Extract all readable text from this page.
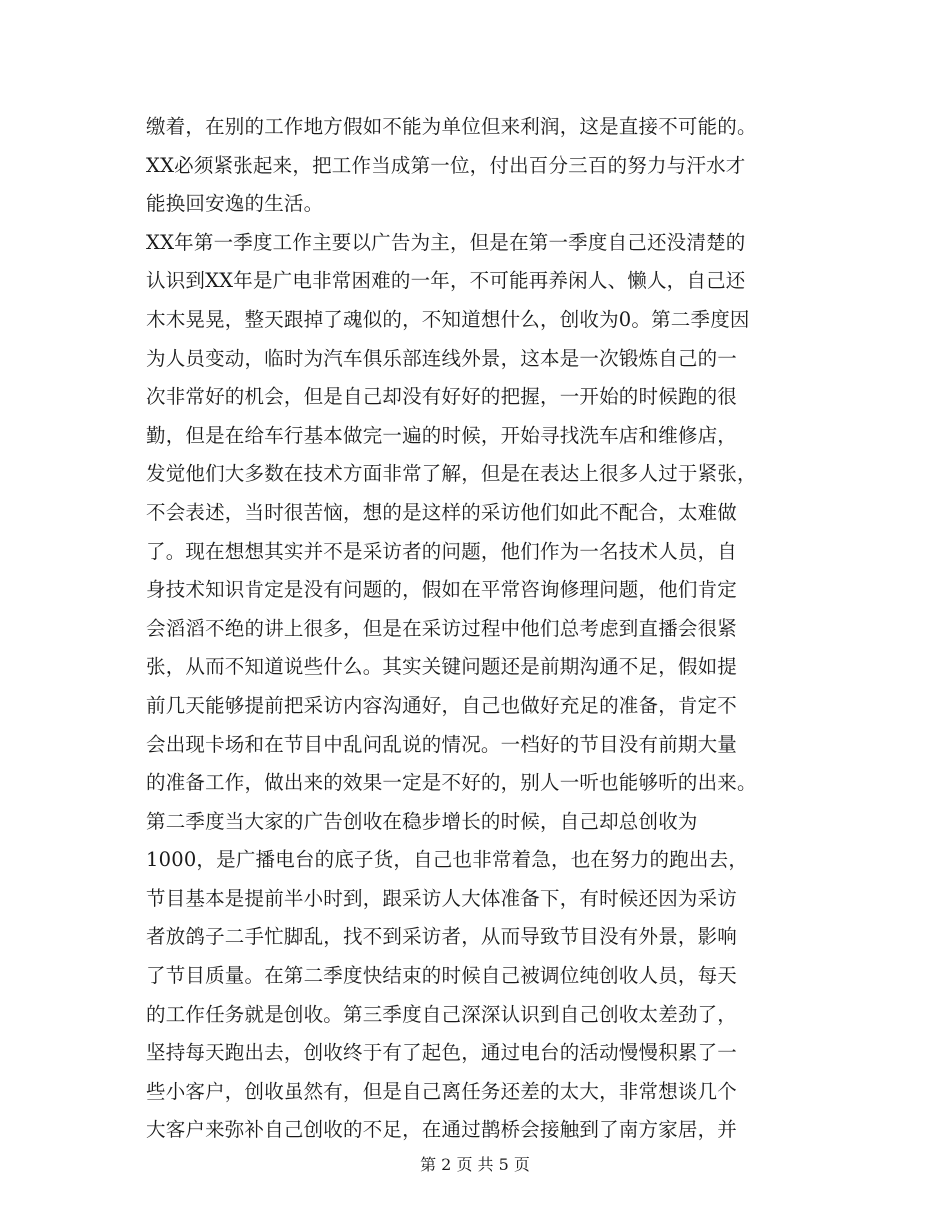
缴着，在别的工作地方假如不能为单位但来利润，这是直接不可能的。
XX必须紧张起来，把工作当成第一位，付出百分三百的努力与汗水才
能换回安逸的生活。
XX年第一季度工作主要以广告为主，但是在第一季度自己还没清楚的
认识到XX年是广电非常困难的一年，不可能再养闲人、懒人，自己还
木木晃晃，整天跟掉了魂似的，不知道想什么，创收为0。第二季度因
为人员变动，临时为汽车俱乐部连线外景，这本是一次锻炼自己的一
次非常好的机会，但是自己却没有好好的把握，一开始的时候跑的很
勤，但是在给车行基本做完一遍的时候，开始寻找洗车店和维修店，
发觉他们大多数在技术方面非常了解，但是在表达上很多人过于紧张，
不会表述，当时很苦恼，想的是这样的采访他们如此不配合，太难做
了。现在想想其实并不是采访者的问题，他们作为一名技术人员，自
身技术知识肯定是没有问题的，假如在平常咨询修理问题，他们肯定
会滔滔不绝的讲上很多，但是在采访过程中他们总考虑到直播会很紧
张，从而不知道说些什么。其实关键问题还是前期沟通不足，假如提
前几天能够提前把采访内容沟通好，自己也做好充足的准备，肯定不
会出现卡场和在节目中乱问乱说的情况。一档好的节目没有前期大量
的准备工作，做出来的效果一定是不好的，别人一听也能够听的出来。
第二季度当大家的广告创收在稳步增长的时候，自己却总创收为
1000，是广播电台的底子货，自己也非常着急，也在努力的跑出去，
节目基本是提前半小时到，跟采访人大体准备下，有时候还因为采访
者放鸽子二手忙脚乱，找不到采访者，从而导致节目没有外景，影响
了节目质量。在第二季度快结束的时候自己被调位纯创收人员，每天
的工作任务就是创收。第三季度自己深深认识到自己创收太差劲了，
坚持每天跑出去，创收终于有了起色，通过电台的活动慢慢积累了一
些小客户，创收虽然有，但是自己离任务还差的太大，非常想谈几个
大客户来弥补自己创收的不足，在通过鹊桥会接触到了南方家居，并
第 2 页 共 5 页
